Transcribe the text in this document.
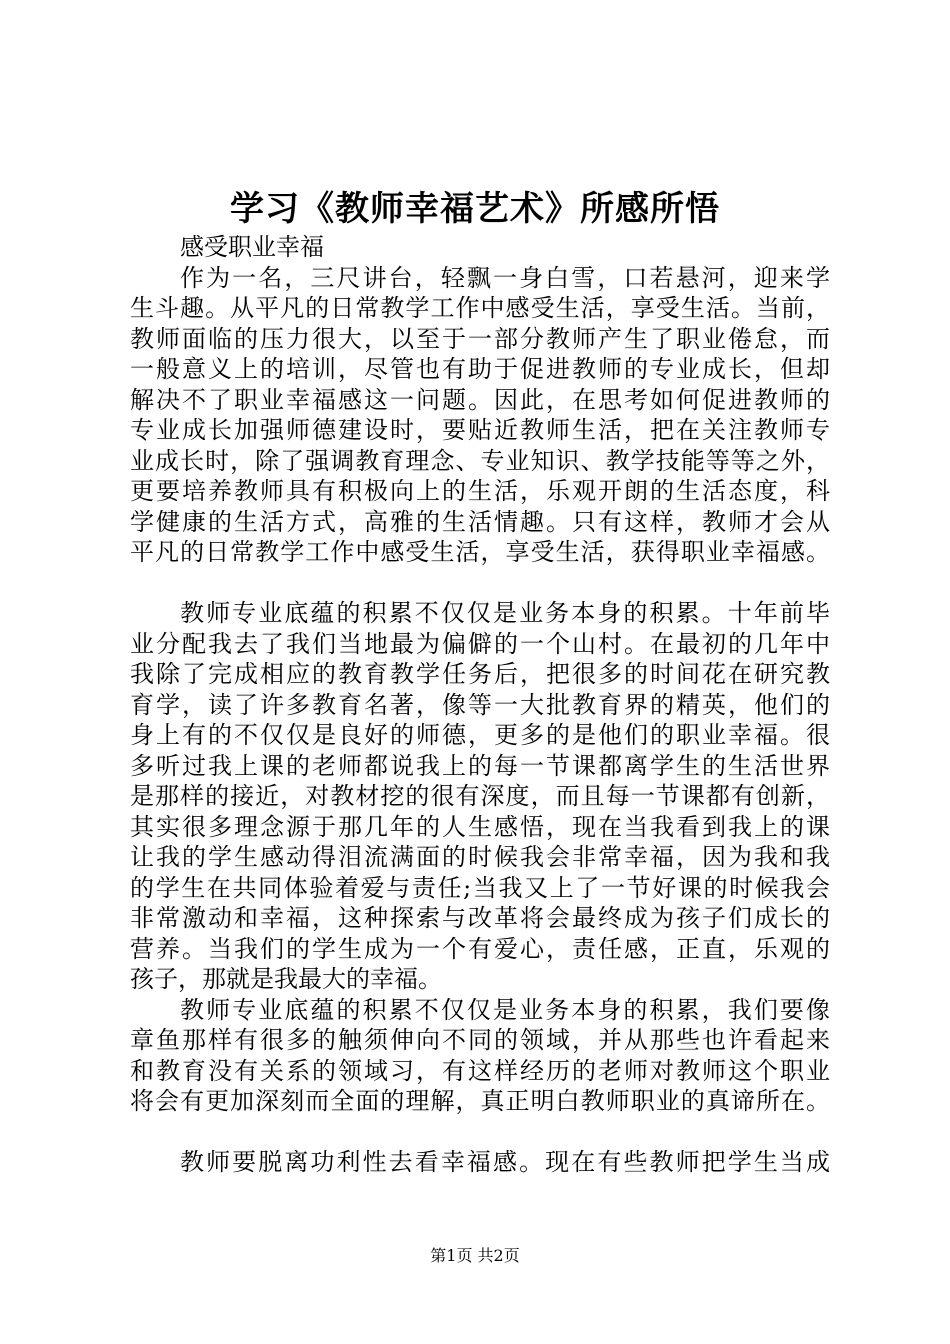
学习《教师幸福艺术》所感所悟
感受职业幸福
作为一名，三尺讲台，轻飘一身白雪，口若悬河，迎来学
生斗趣。从平凡的日常教学工作中感受生活，享受生活。当前，
教师面临的压力很大，以至于一部分教师产生了职业倦怠，而
一般意义上的培训，尽管也有助于促进教师的专业成长，但却
解决不了职业幸福感这一问题。因此，在思考如何促进教师的
专业成长加强师德建设时，要贴近教师生活，把在关注教师专
业成长时，除了强调教育理念、专业知识、教学技能等等之外，
更要培养教师具有积极向上的生活，乐观开朗的生活态度，科
学健康的生活方式，高雅的生活情趣。只有这样，教师才会从
平凡的日常教学工作中感受生活，享受生活，获得职业幸福感。
教师专业底蕴的积累不仅仅是业务本身的积累。十年前毕
业分配我去了我们当地最为偏僻的一个山村。在最初的几年中
我除了完成相应的教育教学任务后，把很多的时间花在研究教
育学，读了许多教育名著，像等一大批教育界的精英，他们的
身上有的不仅仅是良好的师德，更多的是他们的职业幸福。很
多听过我上课的老师都说我上的每一节课都离学生的生活世界
是那样的接近，对教材挖的很有深度，而且每一节课都有创新，
其实很多理念源于那几年的人生感悟，现在当我看到我上的课
让我的学生感动得泪流满面的时候我会非常幸福，因为我和我
的学生在共同体验着爱与责任;当我又上了一节好课的时候我会
非常激动和幸福，这种探索与改革将会最终成为孩子们成长的
营养。当我们的学生成为一个有爱心，责任感，正直，乐观的
孩子，那就是我最大的幸福。
教师专业底蕴的积累不仅仅是业务本身的积累，我们要像
章鱼那样有很多的触须伸向不同的领域，并从那些也许看起来
和教育没有关系的领域习，有这样经历的老师对教师这个职业
将会有更加深刻而全面的理解，真正明白教师职业的真谛所在。
教师要脱离功利性去看幸福感。现在有些教师把学生当成
第1页 共2页
